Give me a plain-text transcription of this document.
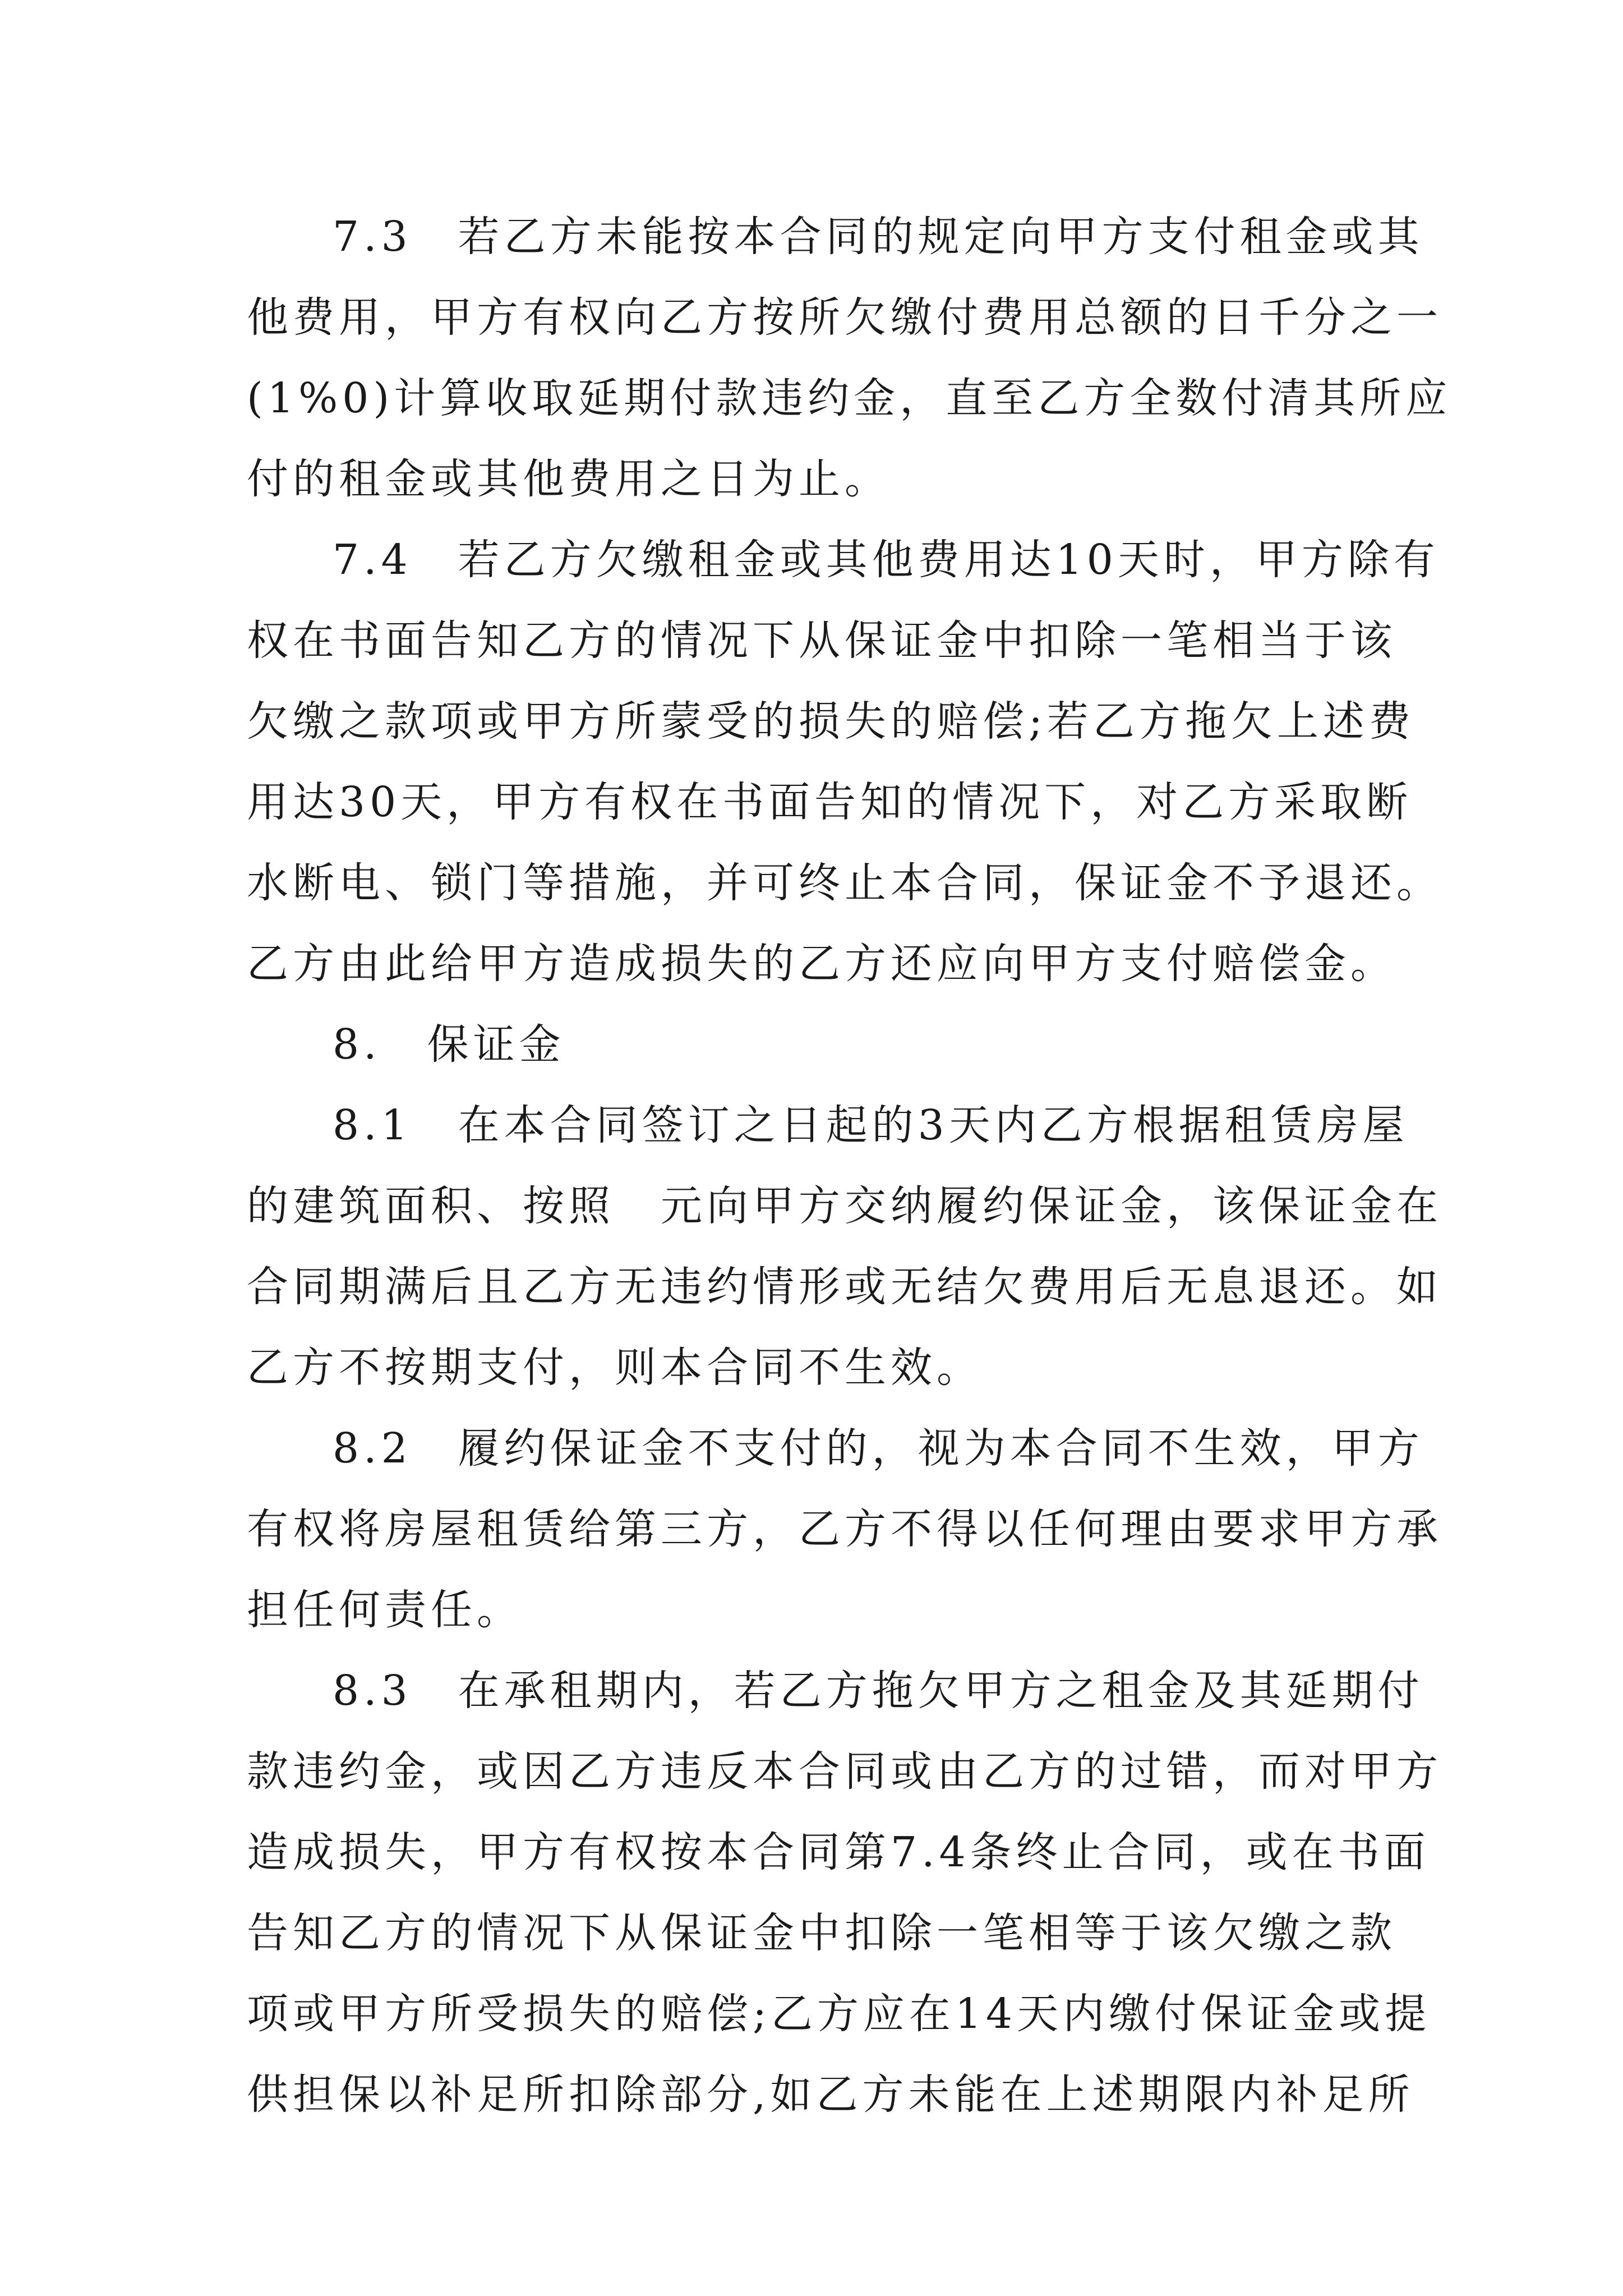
7.3　若乙方未能按本合同的规定向甲方支付租金或其
他费用，甲方有权向乙方按所欠缴付费用总额的日千分之一
(1%0)计算收取延期付款违约金，直至乙方全数付清其所应
付的租金或其他费用之日为止。
7.4　若乙方欠缴租金或其他费用达10天时，甲方除有
权在书面告知乙方的情况下从保证金中扣除一笔相当于该
欠缴之款项或甲方所蒙受的损失的赔偿;若乙方拖欠上述费
用达30天，甲方有权在书面告知的情况下，对乙方采取断
水断电、锁门等措施，并可终止本合同，保证金不予退还。
乙方由此给甲方造成损失的乙方还应向甲方支付赔偿金。
8.　保证金
8.1　在本合同签订之日起的3天内乙方根据租赁房屋
的建筑面积、按照　元向甲方交纳履约保证金，该保证金在
合同期满后且乙方无违约情形或无结欠费用后无息退还。如
乙方不按期支付，则本合同不生效。
8.2　履约保证金不支付的，视为本合同不生效，甲方
有权将房屋租赁给第三方，乙方不得以任何理由要求甲方承
担任何责任。
8.3　在承租期内，若乙方拖欠甲方之租金及其延期付
款违约金，或因乙方违反本合同或由乙方的过错，而对甲方
造成损失，甲方有权按本合同第7.4条终止合同，或在书面
告知乙方的情况下从保证金中扣除一笔相等于该欠缴之款
项或甲方所受损失的赔偿;乙方应在14天内缴付保证金或提
供担保以补足所扣除部分,如乙方未能在上述期限内补足所
